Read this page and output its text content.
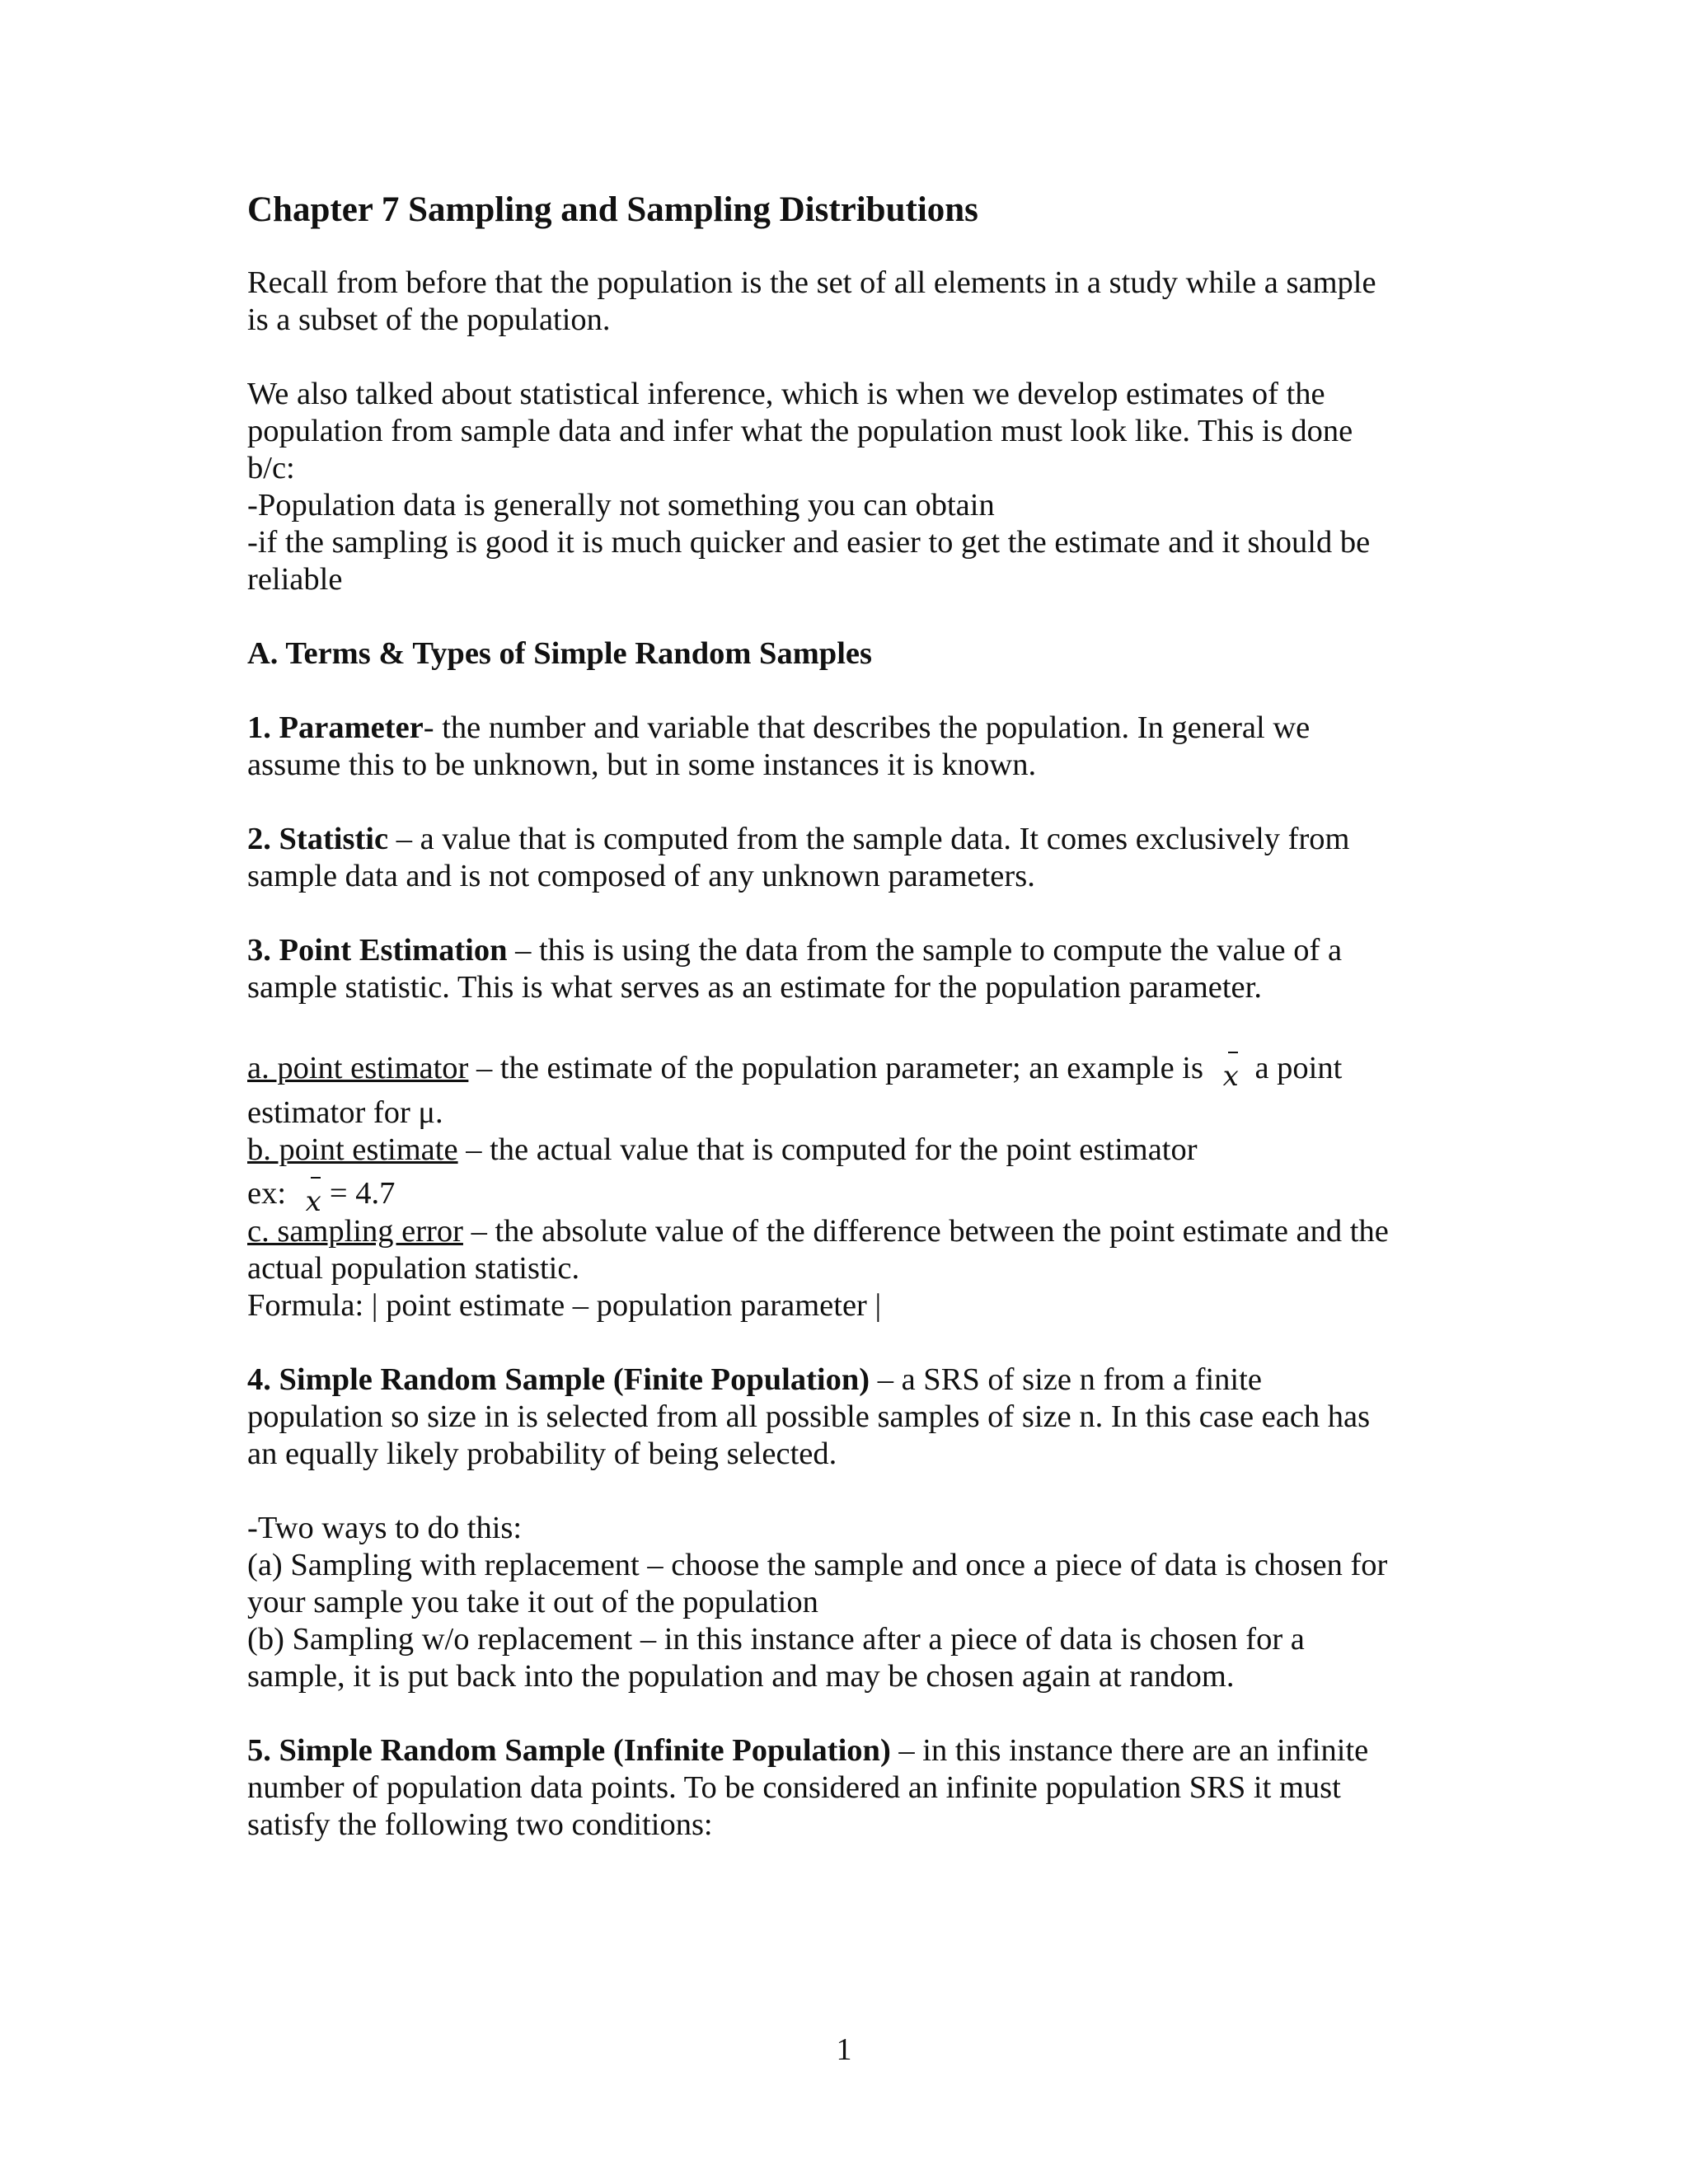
Chapter 7 Sampling and Sampling Distributions
Recall from before that the population is the set of all elements in a study while a sample
is a subset of the population.
We also talked about statistical inference, which is when we develop estimates of the
population from sample data and infer what the population must look like. This is done
b/c:
-Population data is generally not something you can obtain
-if the sampling is good it is much quicker and easier to get the estimate and it should be
reliable
A. Terms & Types of Simple Random Samples
1. Parameter- the number and variable that describes the population. In general we
assume this to be unknown, but in some instances it is known.
2. Statistic – a value that is computed from the sample data. It comes exclusively from
sample data and is not composed of any unknown parameters.
3. Point Estimation – this is using the data from the sample to compute the value of a
sample statistic. This is what serves as an estimate for the population parameter.
a. point estimator – the estimate of the population parameter; an example is x a point
estimator for μ.
b. point estimate – the actual value that is computed for the point estimator
ex: x = 4.7
c. sampling error – the absolute value of the difference between the point estimate and the
actual population statistic.
Formula: | point estimate – population parameter |
4. Simple Random Sample (Finite Population) – a SRS of size n from a finite
population so size in is selected from all possible samples of size n. In this case each has
an equally likely probability of being selected.
-Two ways to do this:
(a) Sampling with replacement – choose the sample and once a piece of data is chosen for
your sample you take it out of the population
(b) Sampling w/o replacement – in this instance after a piece of data is chosen for a
sample, it is put back into the population and may be chosen again at random.
5. Simple Random Sample (Infinite Population) – in this instance there are an infinite
number of population data points. To be considered an infinite population SRS it must
satisfy the following two conditions:
1
